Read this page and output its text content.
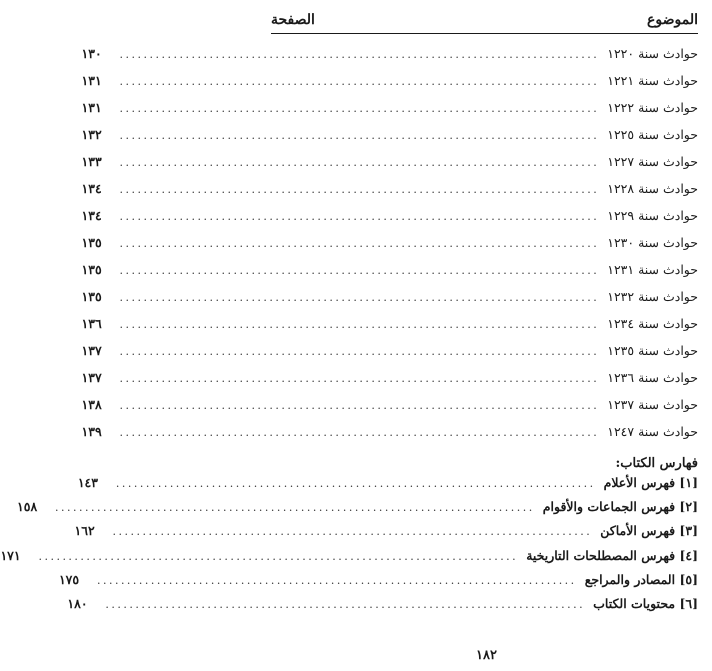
الموضوع
الصفحة
حوادث سنة ١٢٢٠
................................................................................
١٣٠
حوادث سنة ١٢٢١
................................................................................
١٣١
حوادث سنة ١٢٢٢
................................................................................
١٣١
حوادث سنة ١٢٢٥
................................................................................
١٣٢
حوادث سنة ١٢٢٧
................................................................................
١٣٣
حوادث سنة ١٢٢٨
................................................................................
١٣٤
حوادث سنة ١٢٢٩
................................................................................
١٣٤
حوادث سنة ١٢٣٠
................................................................................
١٣٥
حوادث سنة ١٢٣١
................................................................................
١٣٥
حوادث سنة ١٢٣٢
................................................................................
١٣٥
حوادث سنة ١٢٣٤
................................................................................
١٣٦
حوادث سنة ١٢٣٥
................................................................................
١٣٧
حوادث سنة ١٢٣٦
................................................................................
١٣٧
حوادث سنة ١٢٣٧
................................................................................
١٣٨
حوادث سنة ١٢٤٧
................................................................................
١٣٩
فهارس الكتاب:
[١] فهرس الأعلام
................................................................................
١٤٣
[٢] فهرس الجماعات والأقوام
................................................................................
١٥٨
[٣] فهرس الأماكن
................................................................................
١٦٢
[٤] فهرس المصطلحات التاريخية
................................................................................
١٧١
[٥] المصادر والمراجع
................................................................................
١٧٥
[٦] محتويات الكتاب
................................................................................
١٨٠
١٨٢
